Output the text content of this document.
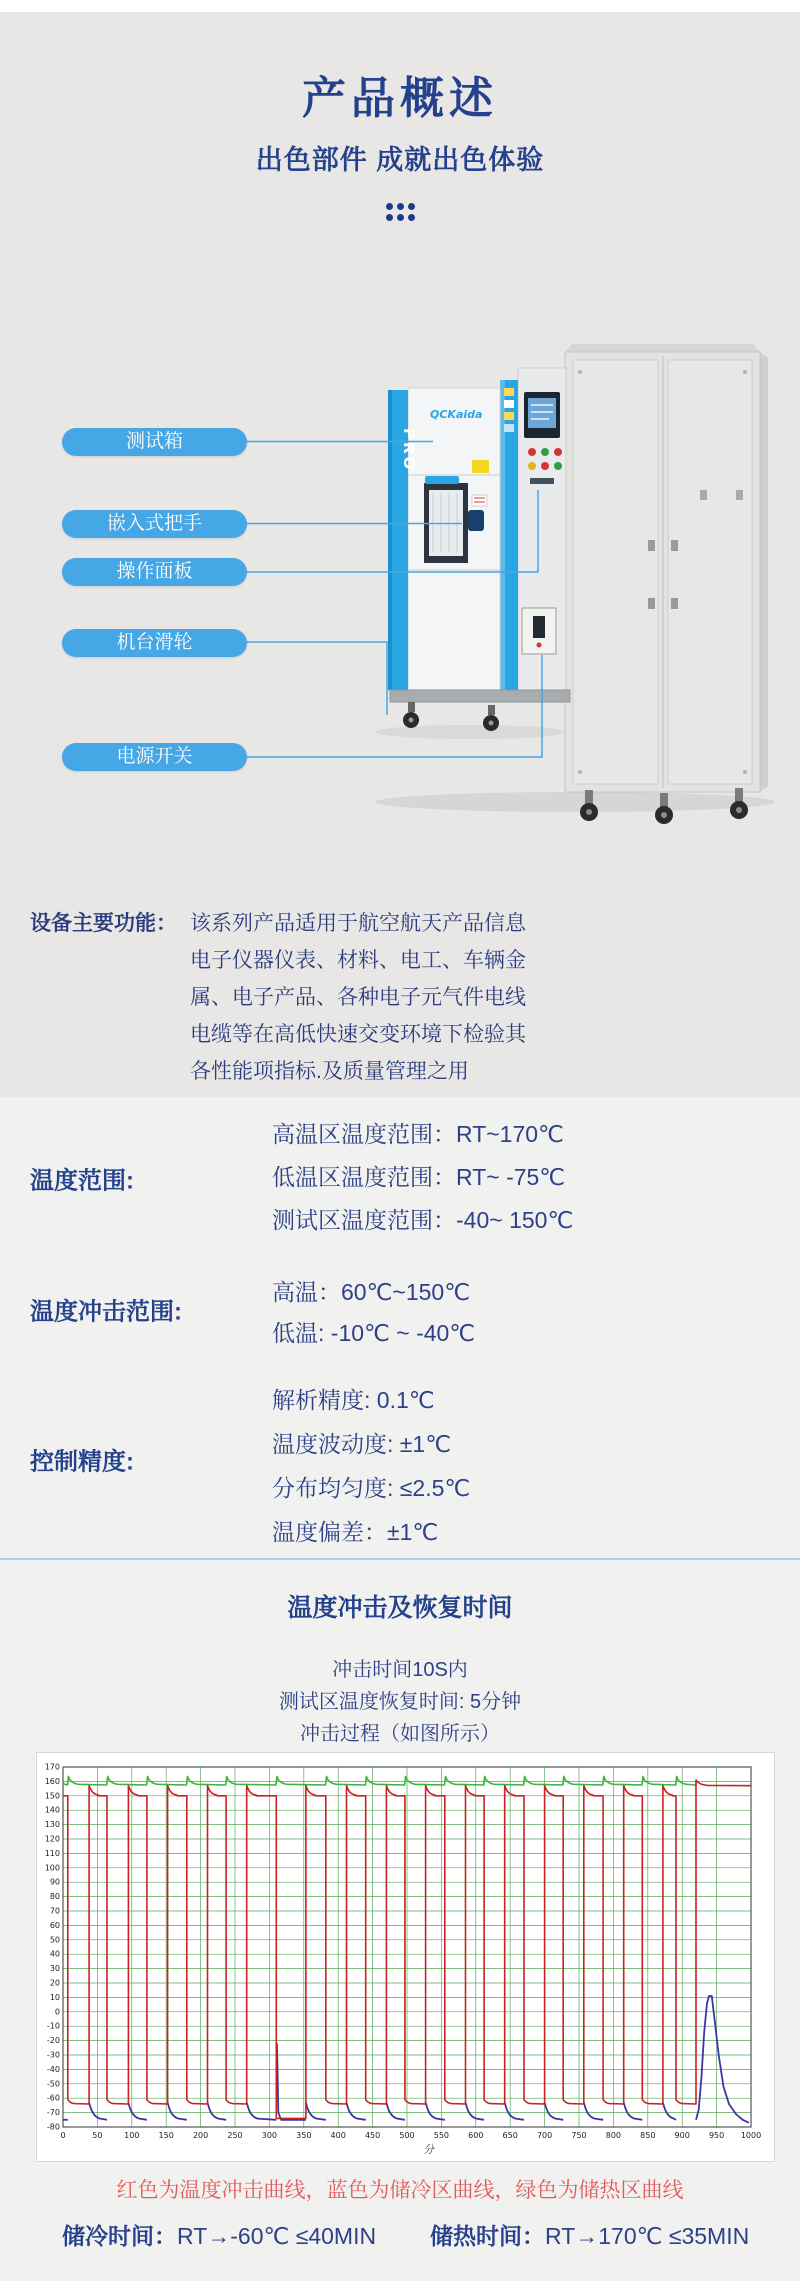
产品概述
出色部件 成就出色体验
QCKaida
PRO
测试箱
嵌入式把手
操作面板
机台滑轮
电源开关
设备主要功能： 该系列产品适用于航空航天产品信息
电子仪器仪表、材料、电工、车辆金
属、电子产品、各种电子元气件电线
电缆等在高低快速交变环境下检验其
各性能项指标.及质量管理之用
温度范围:
高温区温度范围：RT~170℃
低温区温度范围：RT~ -75℃
测试区温度范围：-40~ 150℃
温度冲击范围:
高温：60℃~150℃
低温: -10℃ ~ -40℃
控制精度:
解析精度: 0.1℃
温度波动度: ±1℃
分布均匀度: ≤2.5℃
温度偏差：±1℃
温度冲击及恢复时间
冲击时间10S内
测试区温度恢复时间: 5分钟
冲击过程（如图所示）
170
160
150
140
130
120
110
100
90
80
70
60
50
40
30
20
10
0
-10
-20
-30
-40
-50
-60
-70
-80
0	50	100 150 200 250 300 350 400 450 500 550 600 650 700 750 800 850 900 950 1000
分
红色为温度冲击曲线，蓝色为储冷区曲线，绿色为储热区曲线
储冷时间：RT→-60℃ ≤40MIN 储热时间：RT→170℃ ≤35MIN
